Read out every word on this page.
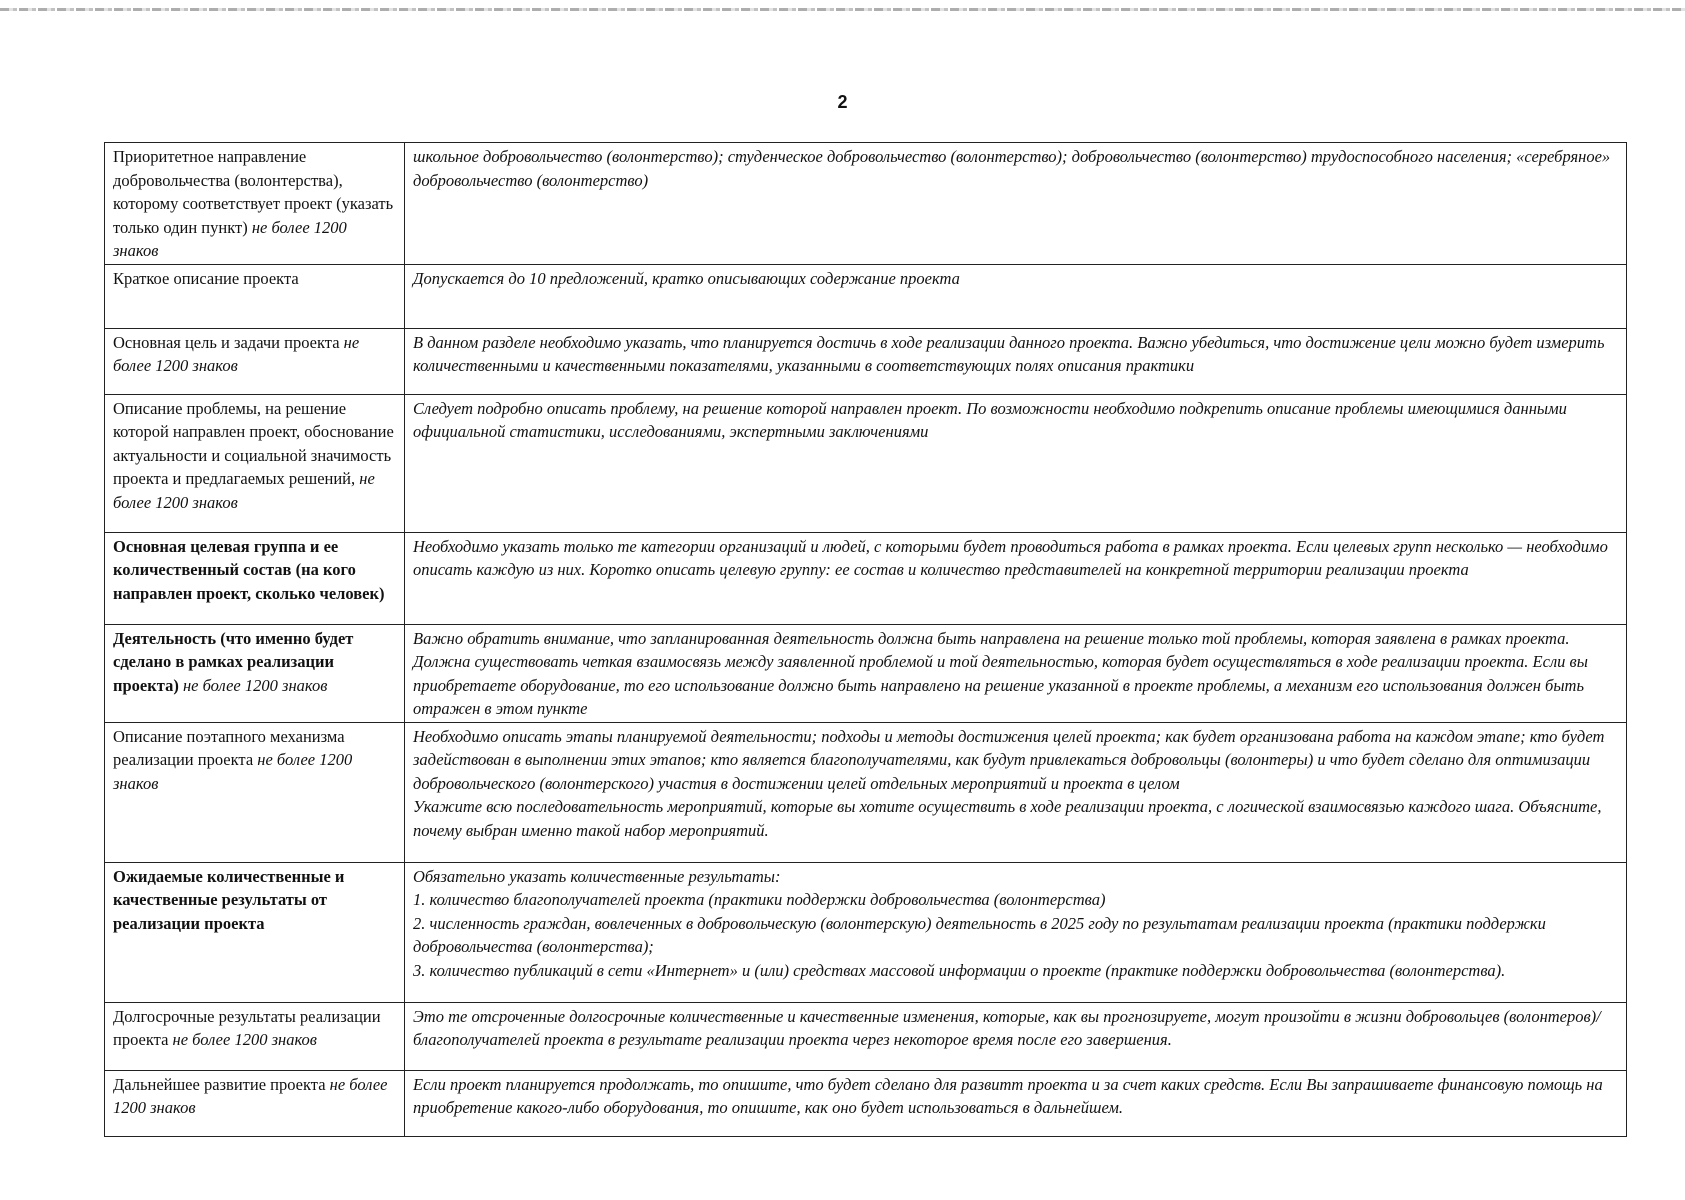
2
Приоритетное направление добровольчества (волонтерства), которому соответствует проект (указать только один пункт) не более 1200 знаков	школьное добровольчество (волонтерство); студенческое добровольчество (волонтерство); добровольчество (волонтерство) трудоспособного населения; «серебряное» добровольчество (волонтерство)

Краткое описание проекта	Допускается до 10 предложений, кратко описывающих содержание проекта

Основная цель и задачи проекта не более 1200 знаков	В данном разделе необходимо указать, что планируется достичь в ходе реализации данного проекта. Важно убедиться, что достижение цели можно будет измерить количественными и качественными показателями, указанными в соответствующих полях описания практики

Описание проблемы, на решение которой направлен проект, обоснование актуальности и социальной значимость проекта и предлагаемых решений, не более 1200 знаков	Следует подробно описать проблему, на решение которой направлен проект. По возможности необходимо подкрепить описание проблемы имеющимися данными официальной статистики, исследованиями, экспертными заключениями

Основная целевая группа и ее количественный состав (на кого направлен проект, сколько человек)	Необходимо указать только те категории организаций и людей, с которыми будет проводиться работа в рамках проекта. Если целевых групп несколько — необходимо описать каждую из них. Коротко описать целевую группу: ее состав и количество представителей на конкретной территории реализации проекта

Деятельность (что именно будет сделано в рамках реализации проекта) не более 1200 знаков	Важно обратить внимание, что запланированная деятельность должна быть направлена на решение только той проблемы, которая заявлена в рамках проекта. Должна существовать четкая взаимосвязь между заявленной проблемой и той деятельностью, которая будет осуществляться в ходе реализации проекта. Если вы приобретаете оборудование, то его использование должно быть направлено на решение указанной в проекте проблемы, а механизм его использования должен быть отражен в этом пункте

Описание поэтапного механизма реализации проекта не более 1200 знаков	Необходимо описать этапы планируемой деятельности; подходы и методы достижения целей проекта; как будет организована работа на каждом этапе; кто будет задействован в выполнении этих этапов; кто является благополучателями, как будут привлекаться добровольцы (волонтеры) и что будет сделано для оптимизации добровольческого (волонтерского) участия в достижении целей отдельных мероприятий и проекта в целом
Укажите всю последовательность мероприятий, которые вы хотите осуществить в ходе реализации проекта, с логической взаимосвязью каждого шага. Объясните, почему выбран именно такой набор мероприятий.

Ожидаемые количественные и качественные результаты от реализации проекта	Обязательно указать количественные результаты:
1. количество благополучателей проекта (практики поддержки добровольчества (волонтерства)
2. численность граждан, вовлеченных в добровольческую (волонтерскую) деятельность в 2025 году по результатам реализации проекта (практики поддержки добровольчества (волонтерства);
3. количество публикаций в сети «Интернет» и (или) средствах массовой информации о проекте (практике поддержки добровольчества (волонтерства).

Долгосрочные результаты реализации проекта не более 1200 знаков	Это те отсроченные долгосрочные количественные и качественные изменения, которые, как вы прогнозируете, могут произойти в жизни добровольцев (волонтеров)/благополучателей проекта в результате реализации проекта через некоторое время после его завершения.

Дальнейшее развитие проекта не более 1200 знаков	Если проект планируется продолжать, то опишите, что будет сделано для развитт проекта и за счет каких средств. Если Вы запрашиваете финансовую помощь на приобретение какого-либо оборудования, то опишите, как оно будет использоваться в дальнейшем.
